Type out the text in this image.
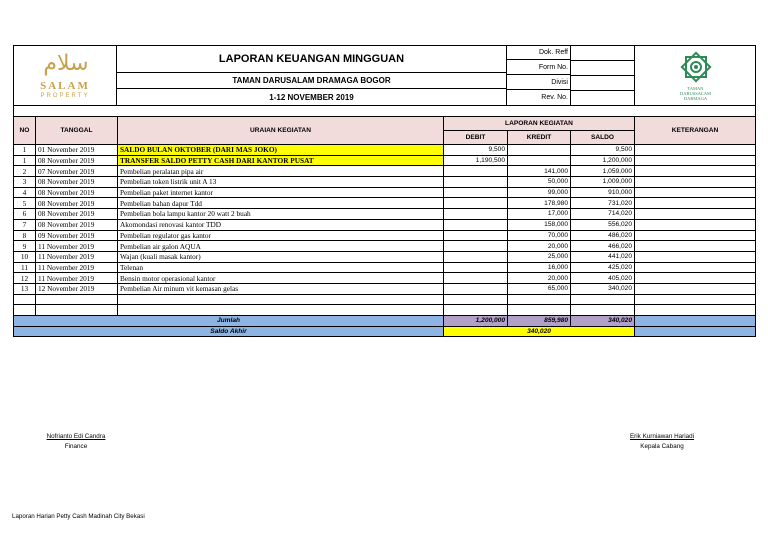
سلام
SALAM
PROPERTY
LAPORAN KEUANGAN MINGGUAN
TAMAN DARUSALAM DRAMAGA BOGOR
1-12 NOVEMBER 2019
Dok. Reff
Form No.
Divisi
Rev. No.
TAMAN
DARUSSALAM
DARMAGA
NO	TANGGAL	URAIAN KEGIATAN	LAPORAN KEGIATAN			KETERANGAN
			DEBIT	KREDIT	SALDO	
1	01 November 2019	SALDO BULAN OKTOBER (DARI MAS JOKO)	9,500		9,500	
1	08 November 2019	TRANSFER SALDO PETTY CASH DARI KANTOR PUSAT	1,190,500		1,200,000	
2	07 November 2019	Pembelian peralatan pipa air		141,000	1,059,000	
3	08 November 2019	Pembelian token listrik unit A 13		50,000	1,009,000	
4	08 November 2019	Pembelian paket internet kantor		99,000	910,000	
5	08 November 2019	Pembelian bahan dapur Tdd		178,980	731,020	
6	08 November 2019	Pembelian bola lampu kantor 20 watt 2 buah		17,000	714,020	
7	08 November 2019	Akomondasi renovasi kantor TDD		158,000	556,020	
8	09 November 2019	Pembelian regulator gas kantor		70,000	486,020	
9	11 November 2019	Pembelian air galon AQUA		20,000	466,020	
10	11 November 2019	Wajan (kuali masak kantor)		25,000	441,020	
11	11 November 2019	Telenan		16,000	425,020	
12	11 November 2019	Bensin motor operasional kantor		20,000	405,020	
13	12 November 2019	Pembelian Air minum vit kemasan gelas		65,000	340,020	

Jumlah			1,200,000	859,980	340,020	
Saldo Akhir			340,020			
Nofrianto Edi Candra
Finance
Erik Kurniawan Hariadi
Kepala Cabang
Laporan Harian Petty Cash Madinah City Bekasi
